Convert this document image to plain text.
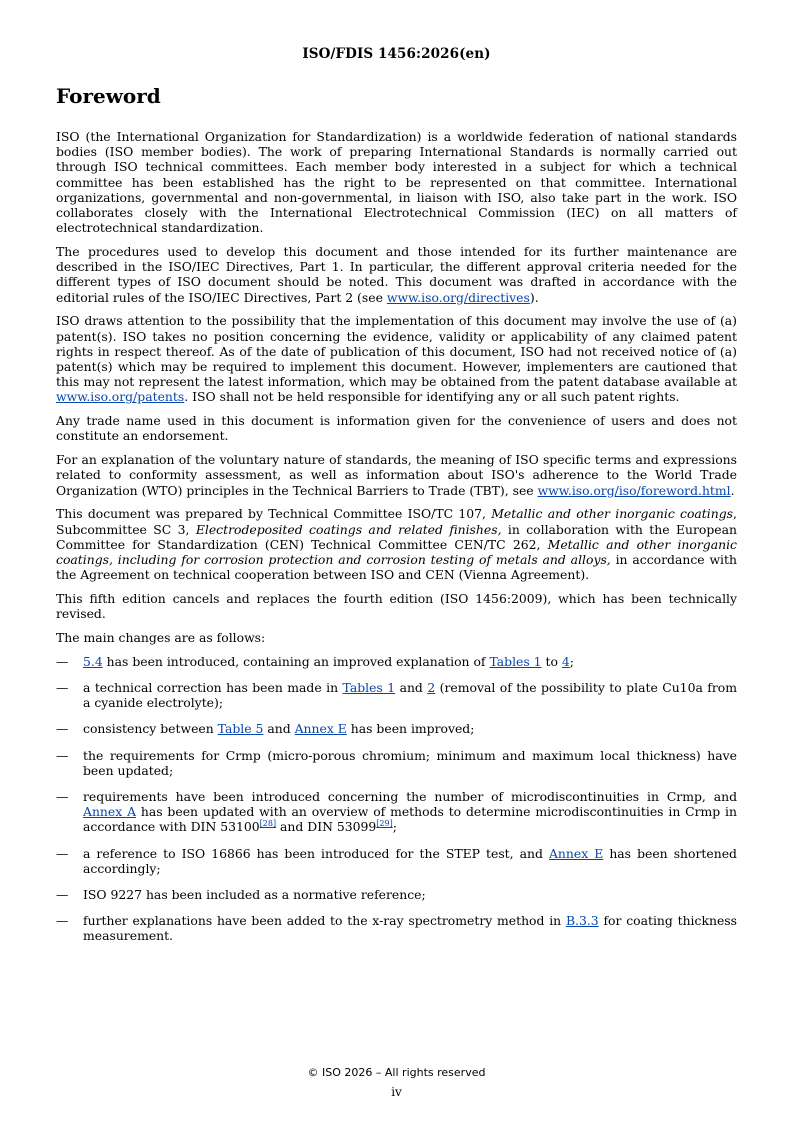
ISO/FDIS 1456:2026(en)
Foreword

ISO (the International Organization for Standardization) is a worldwide federation of national standards bodies (ISO member bodies). The work of preparing International Standards is normally carried out through ISO technical committees. Each member body interested in a subject for which a technical committee has been established has the right to be represented on that committee. International organizations, governmental and non-governmental, in liaison with ISO, also take part in the work. ISO collaborates closely with the International Electrotechnical Commission (IEC) on all matters of electrotechnical standardization.

The procedures used to develop this document and those intended for its further maintenance are described in the ISO/IEC Directives, Part 1. In particular, the different approval criteria needed for the different types of ISO document should be noted. This document was drafted in accordance with the editorial rules of the ISO/IEC Directives, Part 2 (see www.iso.org/directives).

ISO draws attention to the possibility that the implementation of this document may involve the use of (a) patent(s). ISO takes no position concerning the evidence, validity or applicability of any claimed patent rights in respect thereof. As of the date of publication of this document, ISO had not received notice of (a) patent(s) which may be required to implement this document. However, implementers are cautioned that this may not represent the latest information, which may be obtained from the patent database available at www.iso.org/patents. ISO shall not be held responsible for identifying any or all such patent rights.

Any trade name used in this document is information given for the convenience of users and does not constitute an endorsement.

For an explanation of the voluntary nature of standards, the meaning of ISO specific terms and expressions related to conformity assessment, as well as information about ISO's adherence to the World Trade Organization (WTO) principles in the Technical Barriers to Trade (TBT), see www.iso.org/iso/foreword.html.

This document was prepared by Technical Committee ISO/TC 107, Metallic and other inorganic coatings, Subcommittee SC 3, Electrodeposited coatings and related finishes, in collaboration with the European Committee for Standardization (CEN) Technical Committee CEN/TC 262, Metallic and other inorganic coatings, including for corrosion protection and corrosion testing of metals and alloys, in accordance with the Agreement on technical cooperation between ISO and CEN (Vienna Agreement).

This fifth edition cancels and replaces the fourth edition (ISO 1456:2009), which has been technically revised.

The main changes are as follows:

— 5.4 has been introduced, containing an improved explanation of Tables 1 to 4;
— a technical correction has been made in Tables 1 and 2 (removal of the possibility to plate Cu10a from a cyanide electrolyte);
— consistency between Table 5 and Annex E has been improved;
— the requirements for Crmp (micro-porous chromium; minimum and maximum local thickness) have been updated;
— requirements have been introduced concerning the number of microdiscontinuities in Crmp, and Annex A has been updated with an overview of methods to determine microdiscontinuities in Crmp in accordance with DIN 53100[28] and DIN 53099[29];
— a reference to ISO 16866 has been introduced for the STEP test, and Annex E has been shortened accordingly;
— ISO 9227 has been included as a normative reference;
— further explanations have been added to the x-ray spectrometry method in B.3.3 for coating thickness measurement.
© ISO 2026 – All rights reserved
iv
